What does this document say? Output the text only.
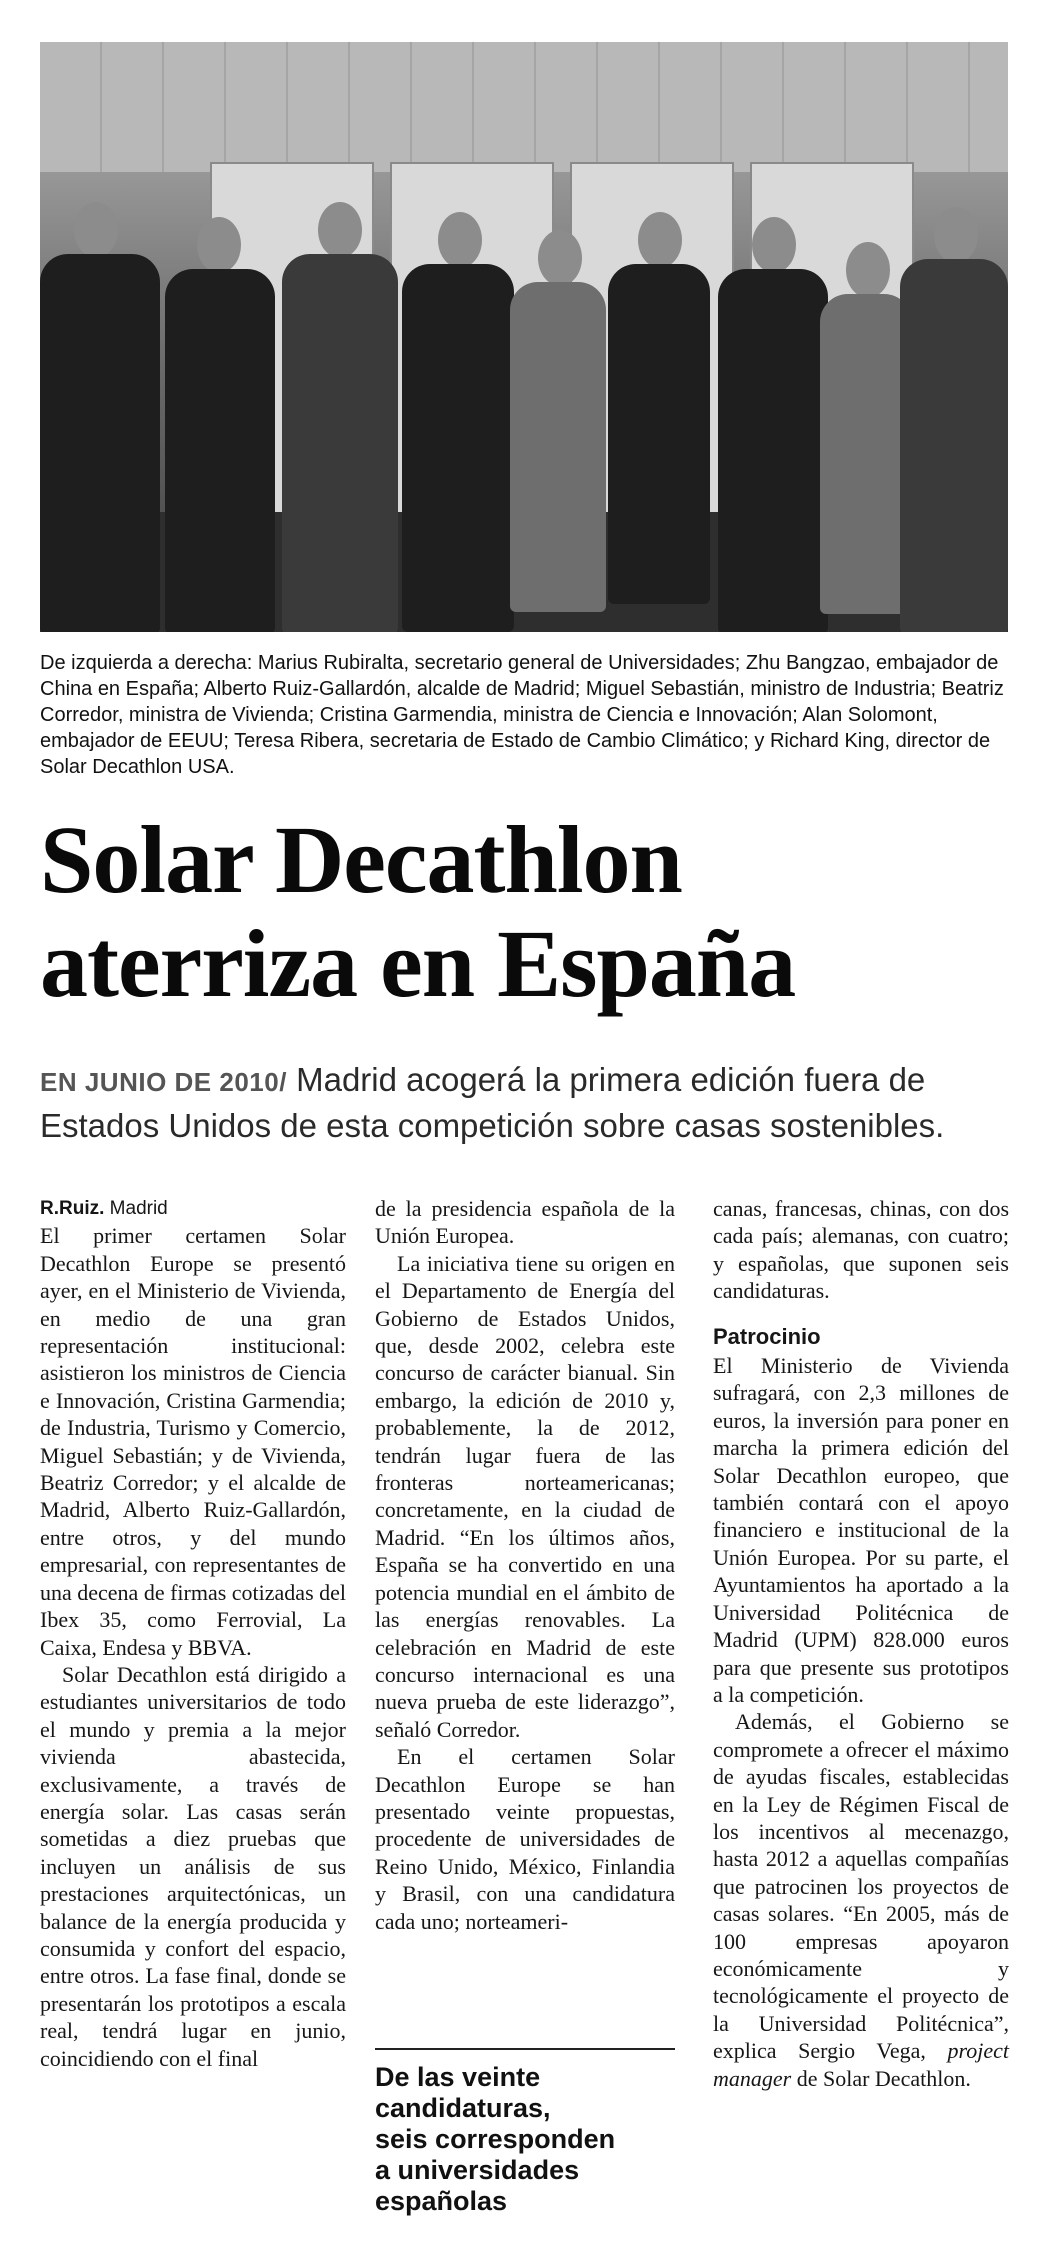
De izquierda a derecha: Marius Rubiralta, secretario general de Universidades; Zhu Bangzao, embajador de China en España; Alberto Ruiz-Gallardón, alcalde de Madrid; Miguel Sebastián, ministro de Industria; Beatriz Corredor, ministra de Vivienda; Cristina Garmendia, ministra de Ciencia e Innovación; Alan Solomont, embajador de EEUU; Teresa Ribera, secretaria de Estado de Cambio Climático; y Richard King, director de Solar Decathlon USA.
Solar Decathlon
aterriza en España
EN JUNIO DE 2010/ Madrid acogerá la primera edición fuera de Estados Unidos de esta competición sobre casas sostenibles.

R.Ruiz. Madrid

El primer certamen Solar Decathlon Europe se presentó ayer, en el Ministerio de Vivienda, en medio de una gran representación institucional: asistieron los ministros de Ciencia e Innovación, Cristina Garmendia; de Industria, Turismo y Comercio, Miguel Sebastián; y de Vivienda, Beatriz Corredor; y el alcalde de Madrid, Alberto Ruiz-Gallardón, entre otros, y del mundo empresarial, con representantes de una decena de firmas cotizadas del Ibex 35, como Ferrovial, La Caixa, Endesa y BBVA.

Solar Decathlon está dirigido a estudiantes universitarios de todo el mundo y premia a la mejor vivienda abastecida, exclusivamente, a través de energía solar. Las casas serán sometidas a diez pruebas que incluyen un análisis de sus prestaciones arquitectónicas, un balance de la energía producida y consumida y confort del espacio, entre otros. La fase final, donde se presentarán los prototipos a escala real, tendrá lugar en junio, coincidiendo con el final

de la presidencia española de la Unión Europea.

La iniciativa tiene su origen en el Departamento de Energía del Gobierno de Estados Unidos, que, desde 2002, celebra este concurso de carácter bianual. Sin embargo, la edición de 2010 y, probablemente, la de 2012, tendrán lugar fuera de las fronteras norteamericanas; concretamente, en la ciudad de Madrid. “En los últimos años, España se ha convertido en una potencia mundial en el ámbito de las energías renovables. La celebración en Madrid de este concurso internacional es una nueva prueba de este liderazgo”, señaló Corredor.

En el certamen Solar Decathlon Europe se han presentado veinte propuestas, procedente de universidades de Reino Unido, México, Finlandia y Brasil, con una candidatura cada uno; norteameri-

De las veinte
candidaturas,
seis corresponden
a universidades
españolas

canas, francesas, chinas, con dos cada país; alemanas, con cuatro; y españolas, que suponen seis candidaturas.

Patrocinio

El Ministerio de Vivienda sufragará, con 2,3 millones de euros, la inversión para poner en marcha la primera edición del Solar Decathlon europeo, que también contará con el apoyo financiero e institucional de la Unión Europea. Por su parte, el Ayuntamientos ha aportado a la Universidad Politécnica de Madrid (UPM) 828.000 euros para que presente sus prototipos a la competición.

Además, el Gobierno se compromete a ofrecer el máximo de ayudas fiscales, establecidas en la Ley de Régimen Fiscal de los incentivos al mecenazgo, hasta 2012 a aquellas compañías que patrocinen los proyectos de casas solares. “En 2005, más de 100 empresas apoyaron económicamente y tecnológicamente el proyecto de la Universidad Politécnica”, explica Sergio Vega, project manager de Solar Decathlon.
